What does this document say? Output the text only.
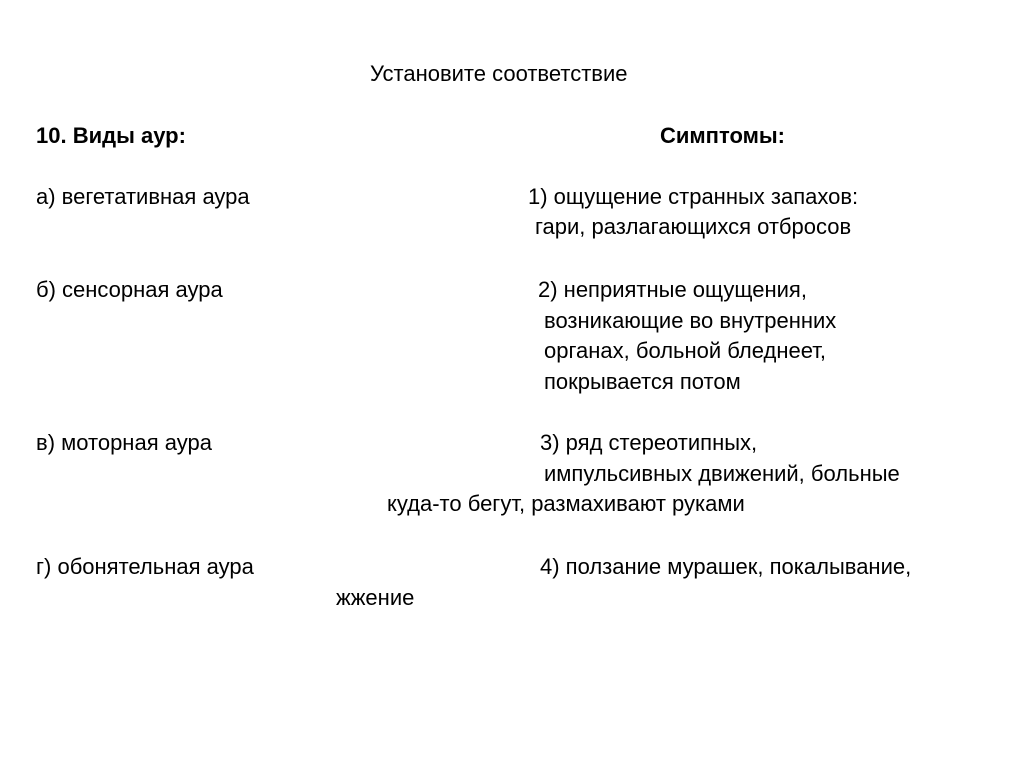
Установите соответствие
10. Виды аур:	Симптомы:
а) вегетативная аура	1) ощущение странных запахов:
гари, разлагающихся отбросов
б) сенсорная аура	2) неприятные ощущения,
возникающие во внутренних
органах, больной бледнеет,
покрывается потом
в) моторная аура	3) ряд стереотипных,
импульсивных движений, больные
куда-то бегут, размахивают руками
г) обонятельная аура	4) ползание мурашек, покалывание,
жжение
